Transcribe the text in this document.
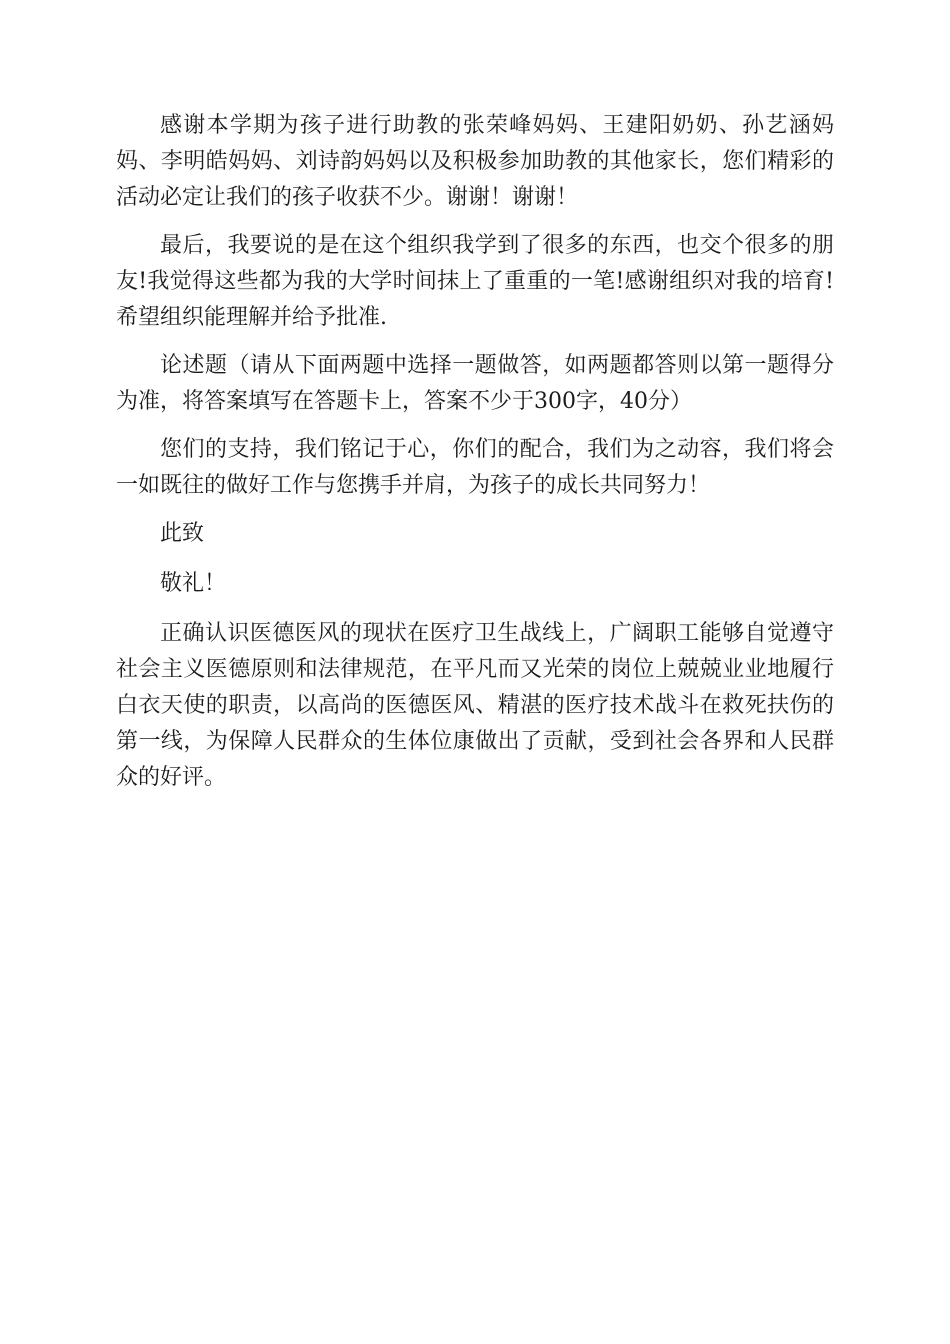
感谢本学期为孩子进行助教的张荣峰妈妈、王建阳奶奶、孙艺涵妈妈、李明皓妈妈、刘诗韵妈妈以及积极参加助教的其他家长，您们精彩的活动必定让我们的孩子收获不少。谢谢！谢谢！

最后，我要说的是在这个组织我学到了很多的东西，也交个很多的朋友!我觉得这些都为我的大学时间抹上了重重的一笔!感谢组织对我的培育!希望组织能理解并给予批准.

论述题（请从下面两题中选择一题做答，如两题都答则以第一题得分为准，将答案填写在答题卡上，答案不少于300字，40分）

您们的支持，我们铭记于心，你们的配合，我们为之动容，我们将会一如既往的做好工作与您携手并肩，为孩子的成长共同努力！

此致

敬礼！

正确认识医德医风的现状在医疗卫生战线上，广阔职工能够自觉遵守社会主义医德原则和法律规范，在平凡而又光荣的岗位上兢兢业业地履行白衣天使的职责，以高尚的医德医风、精湛的医疗技术战斗在救死扶伤的第一线，为保障人民群众的生体位康做出了贡献，受到社会各界和人民群众的好评。
